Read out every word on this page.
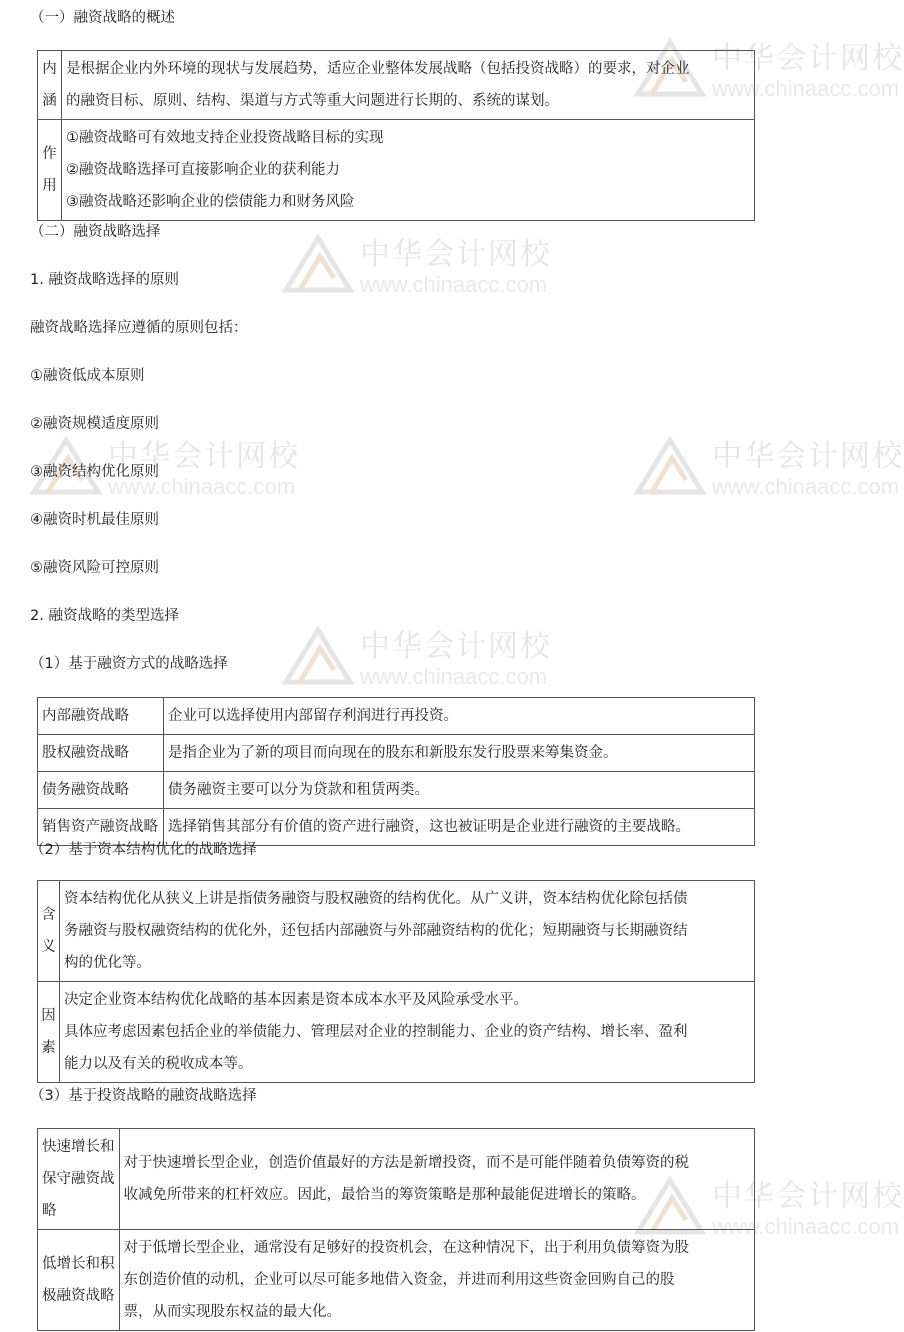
中华会计网校
www.chinaacc.com
中华会计网校
www.chinaacc.com
中华会计网校
www.chinaacc.com
中华会计网校
www.chinaacc.com
中华会计网校
www.chinaacc.com
中华会计网校
www.chinaacc.com
（一）融资战略的概述
内
涵	是根据企业内外环境的现状与发展趋势，适应企业整体发展战略（包括投资战略）的要求，对企业
的融资目标、原则、结构、渠道与方式等重大问题进行长期的、系统的谋划。

作
用	①融资战略可有效地支持企业投资战略目标的实现
②融资战略选择可直接影响企业的获利能力
③融资战略还影响企业的偿债能力和财务风险
（二）融资战略选择
1. 融资战略选择的原则
融资战略选择应遵循的原则包括：
①融资低成本原则
②融资规模适度原则
③融资结构优化原则
④融资时机最佳原则
⑤融资风险可控原则
2. 融资战略的类型选择
（1）基于融资方式的战略选择
内部融资战略	企业可以选择使用内部留存利润进行再投资。
股权融资战略	是指企业为了新的项目而向现在的股东和新股东发行股票来筹集资金。
债务融资战略	债务融资主要可以分为贷款和租赁两类。
销售资产融资战略	选择销售其部分有价值的资产进行融资，这也被证明是企业进行融资的主要战略。
（2）基于资本结构优化的战略选择
含
义	资本结构优化从狭义上讲是指债务融资与股权融资的结构优化。从广义讲，资本结构优化除包括债
务融资与股权融资结构的优化外，还包括内部融资与外部融资结构的优化；短期融资与长期融资结
构的优化等。

因
素	决定企业资本结构优化战略的基本因素是资本成本水平及风险承受水平。
具体应考虑因素包括企业的举债能力、管理层对企业的控制能力、企业的资产结构、增长率、盈利
能力以及有关的税收成本等。
（3）基于投资战略的融资战略选择
快速增长和
保守融资战
略	对于快速增长型企业，创造价值最好的方法是新增投资，而不是可能伴随着负债筹资的税
收减免所带来的杠杆效应。因此，最恰当的筹资策略是那种最能促进增长的策略。

低增长和积
极融资战略	对于低增长型企业，通常没有足够好的投资机会，在这种情况下，出于利用负债筹资为股
东创造价值的动机，企业可以尽可能多地借入资金，并进而利用这些资金回购自己的股
票，从而实现股东权益的最大化。
